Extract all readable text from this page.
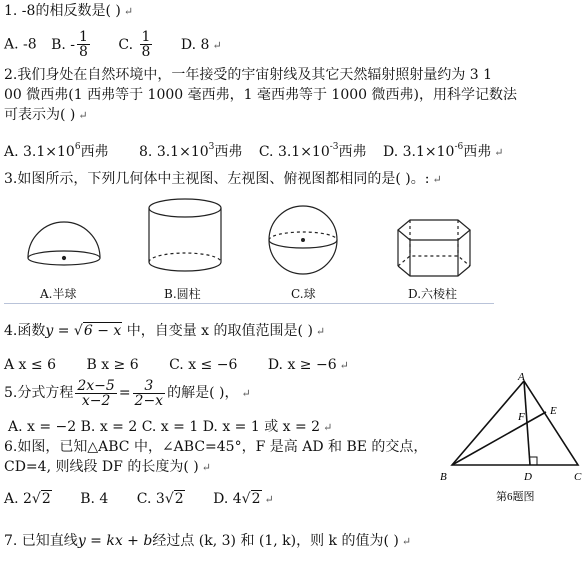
1. -8的相反数是( ) ↵
A. -8 B. - $\frac{1}{8} C$. $\frac{1}{8} D$. 8 ↵
2.我们身处在自然环境中，一年接受的宇宙射线及其它天然辐射照射量约为 3 1
00 微西弗(1 西弗等于 1000 毫西弗，1 毫西弗等于 1000 微西弗)，用科学记数法
可表示为( ) ↵
A. $3.1\times 10^6$西弗 8. $3.1\times 10^3$西弗 C. $3.1\times 10^{-3}$西弗 D. $3.1\times 10^{-6}$西弗 ↵
3.如图所示，下列几何体中主视图、左视图、俯视图都相同的是( )。: ↵
A.半球	B.圆柱	C.球	D.六棱柱
4.函数y = √6 − x 中，自变量 x 的取值范围是( ) ↵
A x ≤ 6 B x ≥ 6 C. x ≤ −6 D. x ≥ −6 ↵
5.分式方程 $\frac{2x-5}{x-2} = \frac{3}{2-x}$ 的解是( )， ↵
A. x = −2 B. x = 2 C. x = 1 D. x = 1 或 x = 2 ↵
6.如图，已知△ABC 中，∠ABC=45°，F 是高 AD 和 BE 的交点，
CD=4, 则线段 DF 的长度为( ) ↵
A. 2√2 B. 4 C. 3√2 D. 4√2 ↵
A
E
F
B	D	C
第6题图
7. 已知直线y = kx + b经过点 (k, 3) 和 (1, k)，则 k 的值为( ) ↵
